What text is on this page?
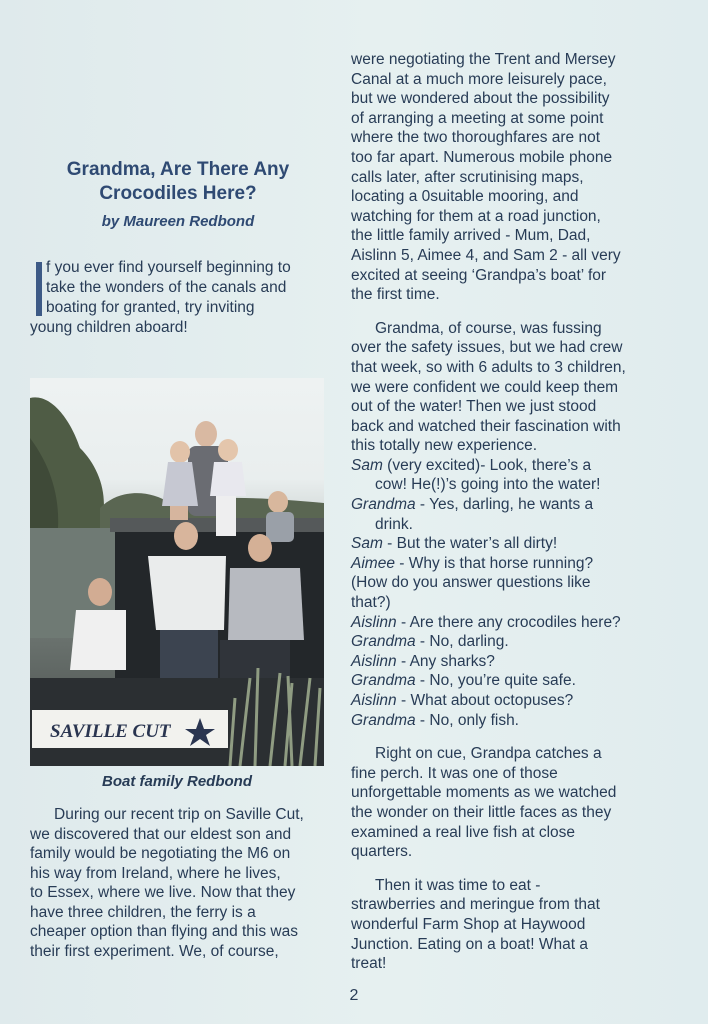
Grandma, Are There Any
Crocodiles Here?
by Maureen Redbond
f you ever find yourself beginning to
take the wonders of the canals and
boating for granted, try inviting
young children aboard!
SAVILLE CUT
Boat family Redbond
During our recent trip on Saville Cut,
we discovered that our eldest son and
family would be negotiating the M6 on
his way from Ireland, where he lives,
to Essex, where we live. Now that they
have three children, the ferry is a
cheaper option than flying and this was
their first experiment. We, of course,
were negotiating the Trent and Mersey
Canal at a much more leisurely pace,
but we wondered about the possibility
of arranging a meeting at some point
where the two thoroughfares are not
too far apart. Numerous mobile phone
calls later, after scrutinising maps,
locating a 0suitable mooring, and
watching for them at a road junction,
the little family arrived - Mum, Dad,
Aislinn 5, Aimee 4, and Sam 2 - all very
excited at seeing ‘Grandpa’s boat’ for
the first time.
Grandma, of course, was fussing
over the safety issues, but we had crew
that week, so with 6 adults to 3 children,
we were confident we could keep them
out of the water! Then we just stood
back and watched their fascination with
this totally new experience.
Sam (very excited)- Look, there’s a
cow! He(!)’s going into the water!
Grandma - Yes, darling, he wants a
drink.
Sam - But the water’s all dirty!
Aimee - Why is that horse running?
(How do you answer questions like
that?)
Aislinn - Are there any crocodiles here?
Grandma - No, darling.
Aislinn - Any sharks?
Grandma - No, you’re quite safe.
Aislinn - What about octopuses?
Grandma - No, only fish.
Right on cue, Grandpa catches a
fine perch. It was one of those
unforgettable moments as we watched
the wonder on their little faces as they
examined a real live fish at close
quarters.
Then it was time to eat -
strawberries and meringue from that
wonderful Farm Shop at Haywood
Junction. Eating on a boat! What a
treat!
2
